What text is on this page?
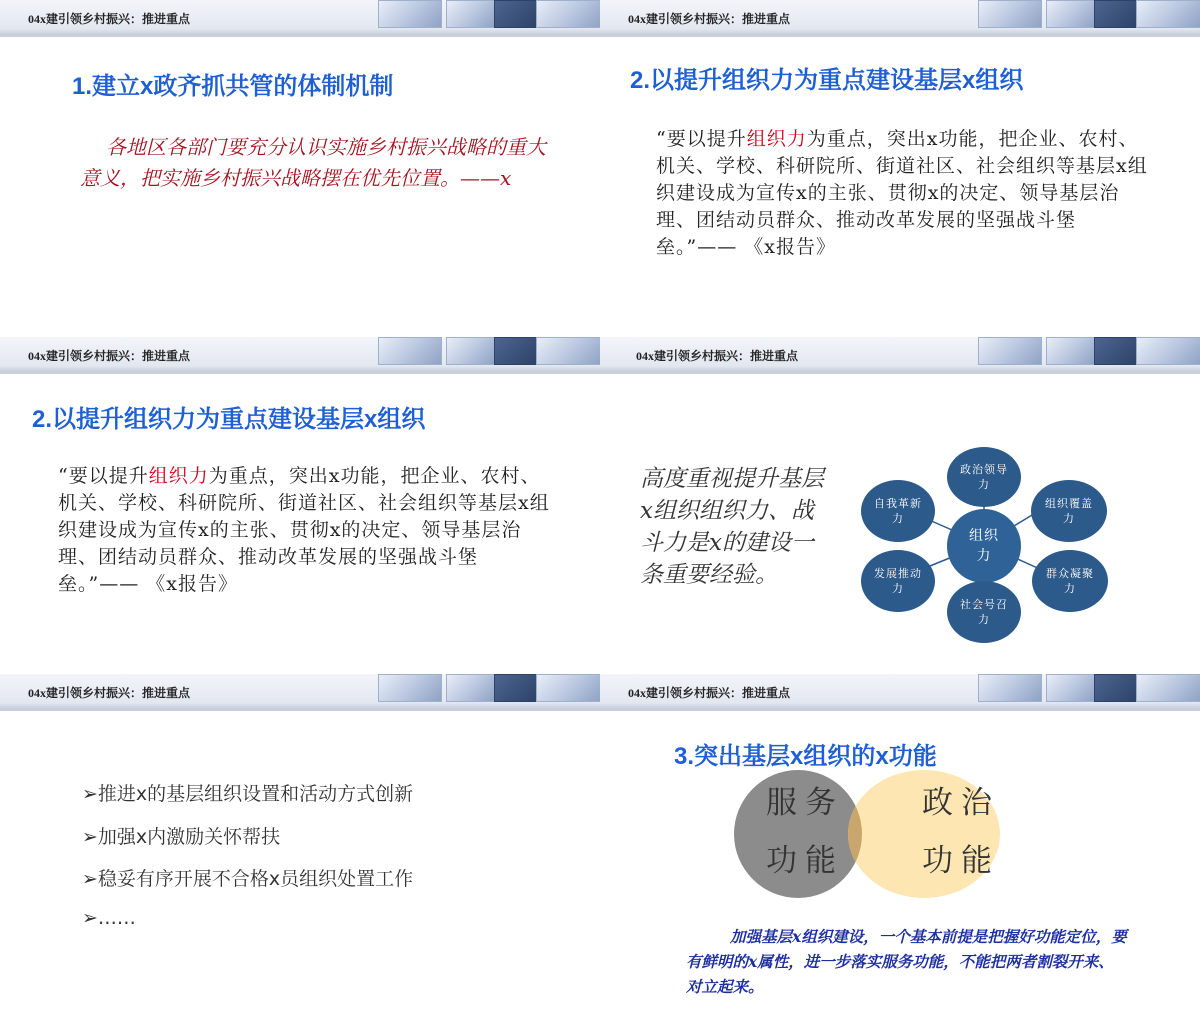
04x建引领乡村振兴：推进重点
1.建立x政齐抓共管的体制机制
各地区各部门要充分认识实施乡村振兴战略的重大意义，把实施乡村振兴战略摆在优先位置。——x
04x建引领乡村振兴：推进重点
2.以提升组织力为重点建设基层x组织
“要以提升组织力为重点，突出x功能，把企业、农村、机关、学校、科研院所、街道社区、社会组织等基层x组织建设成为宣传x的主张、贯彻x的决定、领导基层治理、团结动员群众、推动改革发展的坚强战斗堡垒。”—— 《x报告》
04x建引领乡村振兴：推进重点
2.以提升组织力为重点建设基层x组织
“要以提升组织力为重点，突出x功能，把企业、农村、机关、学校、科研院所、街道社区、社会组织等基层x组织建设成为宣传x的主张、贯彻x的决定、领导基层治理、团结动员群众、推动改革发展的坚强战斗堡垒。”—— 《x报告》
04x建引领乡村振兴：推进重点
高度重视提升基层x组织组织力、战斗力是x的建设一条重要经验。
组织力
政治领导力
组织覆盖力
群众凝聚力
社会号召力
发展推动力
自我革新力
04x建引领乡村振兴：推进重点
➢推进x的基层组织设置和活动方式创新
➢加强x内激励关怀帮扶
➢稳妥有序开展不合格x员组织处置工作
➢……
04x建引领乡村振兴：推进重点
3.突出基层x组织的x功能
服务
功能
政治
功能
加强基层x组织建设，一个基本前提是把握好功能定位，要有鲜明的x属性，进一步落实服务功能，不能把两者割裂开来、对立起来。
